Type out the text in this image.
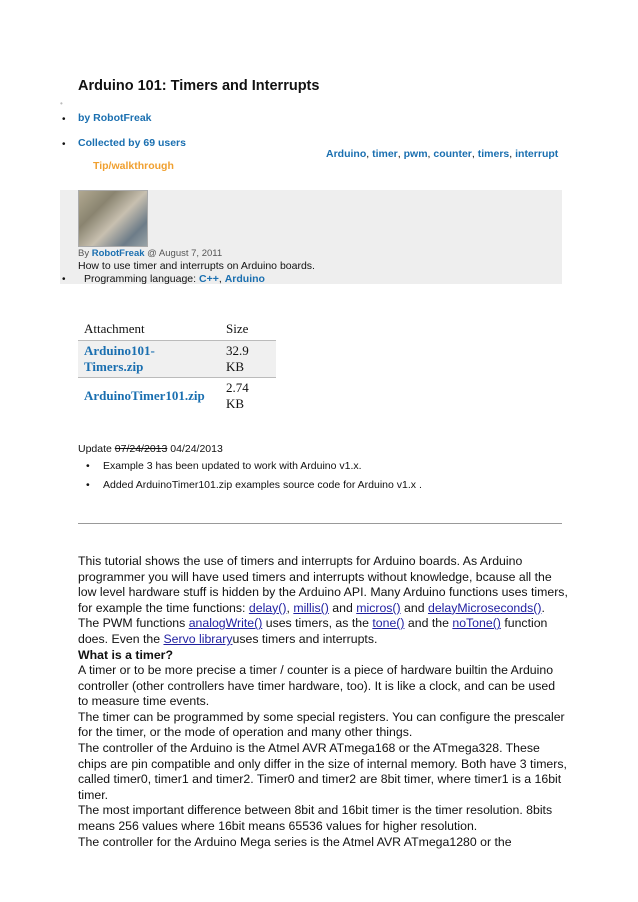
Arduino 101: Timers and Interrupts
•
• by RobotFreak
• Collected by 69 users
Arduino, timer, pwm, counter, timers, interrupt
Tip/walkthrough
By RobotFreak @ August 7, 2011
How to use timer and interrupts on Arduino boards.
• Programming language: C++, Arduino
Attachment	Size
Arduino101-Timers.zip	32.9 KB
ArduinoTimer101.zip	2.74 KB
Update 07/24/2013 04/24/2013
• Example 3 has been updated to work with Arduino v1.x.
• Added ArduinoTimer101.zip examples source code for Arduino v1.x .
This tutorial shows the use of timers and interrupts for Arduino boards. As Arduino programmer you will have used timers and interrupts without knowledge, bcause all the low level hardware stuff is hidden by the Arduino API. Many Arduino functions uses timers, for example the time functions: delay(), millis() and micros() and delayMicroseconds(). The PWM functions analogWrite() uses timers, as the tone() and the noTone() function does. Even the Servo libraryuses timers and interrupts.
What is a timer?
A timer or to be more precise a timer / counter is a piece of hardware builtin the Arduino controller (other controllers have timer hardware, too). It is like a clock, and can be used to measure time events.
The timer can be programmed by some special registers. You can configure the prescaler for the timer, or the mode of operation and many other things.
The controller of the Arduino is the Atmel AVR ATmega168 or the ATmega328. These chips are pin compatible and only differ in the size of internal memory. Both have 3 timers, called timer0, timer1 and timer2. Timer0 and timer2 are 8bit timer, where timer1 is a 16bit timer.
The most important difference between 8bit and 16bit timer is the timer resolution. 8bits means 256 values where 16bit means 65536 values for higher resolution.
The controller for the Arduino Mega series is the Atmel AVR ATmega1280 or the
